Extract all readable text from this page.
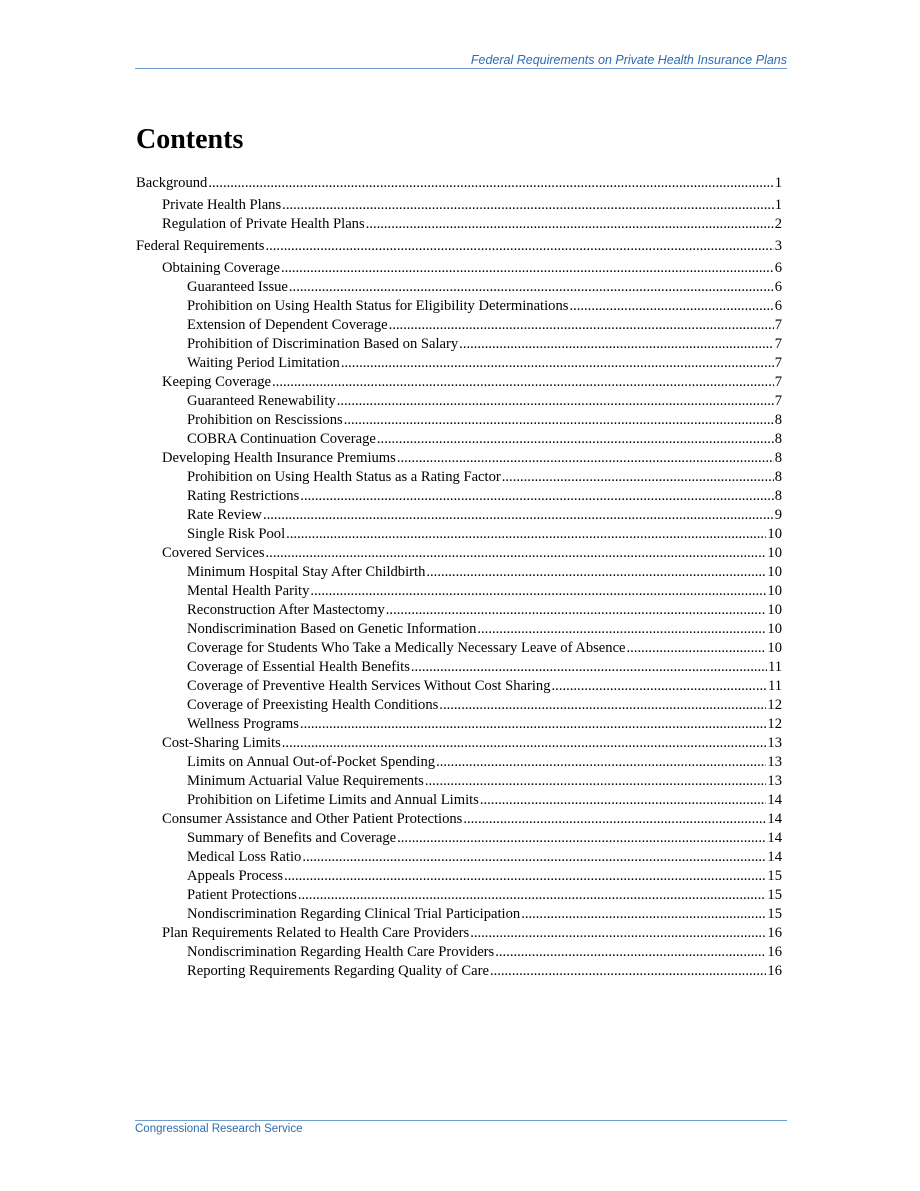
Federal Requirements on Private Health Insurance Plans
Contents
Background .....	1
Private Health Plans .....	1
Regulation of Private Health Plans .....	2
Federal Requirements .....	3
Obtaining Coverage .....	6
Guaranteed Issue .....	6
Prohibition on Using Health Status for Eligibility Determinations .....	6
Extension of Dependent Coverage .....	7
Prohibition of Discrimination Based on Salary .....	7
Waiting Period Limitation .....	7
Keeping Coverage .....	7
Guaranteed Renewability .....	7
Prohibition on Rescissions .....	8
COBRA Continuation Coverage .....	8
Developing Health Insurance Premiums .....	8
Prohibition on Using Health Status as a Rating Factor .....	8
Rating Restrictions .....	8
Rate Review .....	9
Single Risk Pool .....	10
Covered Services .....	10
Minimum Hospital Stay After Childbirth .....	10
Mental Health Parity .....	10
Reconstruction After Mastectomy .....	10
Nondiscrimination Based on Genetic Information .....	10
Coverage for Students Who Take a Medically Necessary Leave of Absence .....	10
Coverage of Essential Health Benefits .....	11
Coverage of Preventive Health Services Without Cost Sharing .....	11
Coverage of Preexisting Health Conditions .....	12
Wellness Programs .....	12
Cost-Sharing Limits .....	13
Limits on Annual Out-of-Pocket Spending .....	13
Minimum Actuarial Value Requirements .....	13
Prohibition on Lifetime Limits and Annual Limits .....	14
Consumer Assistance and Other Patient Protections .....	14
Summary of Benefits and Coverage .....	14
Medical Loss Ratio .....	14
Appeals Process .....	15
Patient Protections .....	15
Nondiscrimination Regarding Clinical Trial Participation .....	15
Plan Requirements Related to Health Care Providers .....	16
Nondiscrimination Regarding Health Care Providers .....	16
Reporting Requirements Regarding Quality of Care .....	16
Congressional Research Service
